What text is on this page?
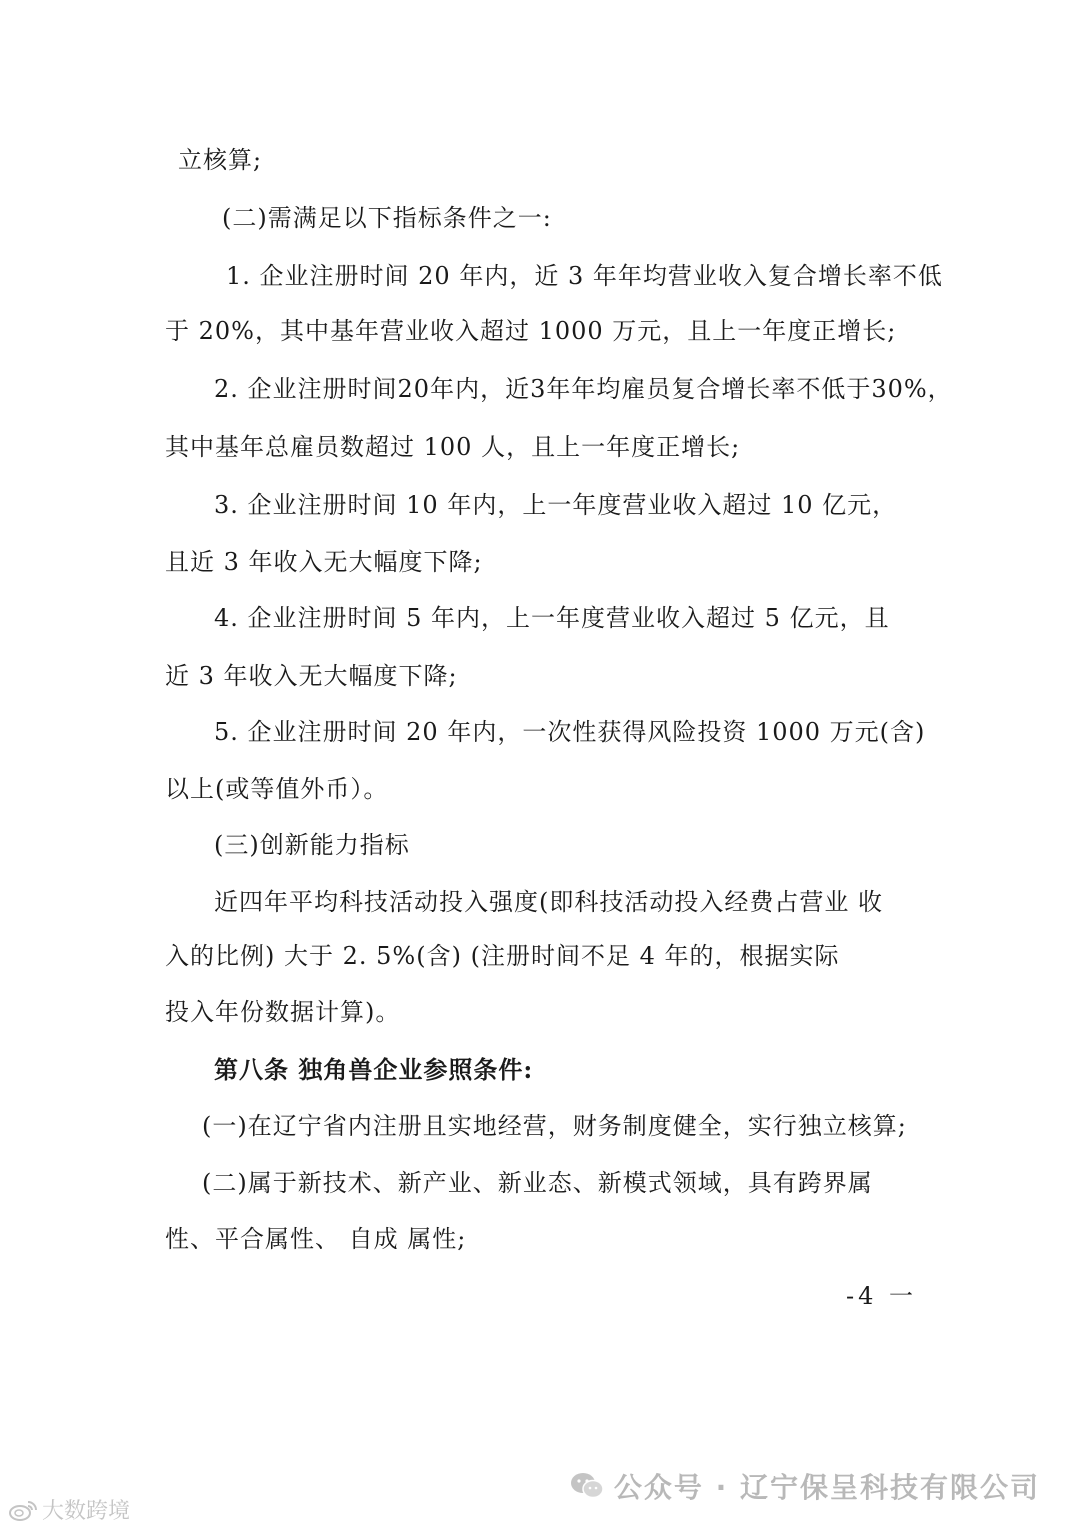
立核算;
(二)需满足以下指标条件之一:
1. 企业注册时间 20 年内，近 3 年年均营业收入复合增长率不低
于 20%，其中基年营业收入超过 1000 万元，且上一年度正增长;
2. 企业注册时间20年内，近3年年均雇员复合增长率不低于30%，
其中基年总雇员数超过 100 人，且上一年度正增长;
3. 企业注册时间 10 年内，上一年度营业收入超过 10 亿元，
且近 3 年收入无大幅度下降;
4. 企业注册时间 5 年内，上一年度营业收入超过 5 亿元，且
近 3 年收入无大幅度下降;
5. 企业注册时间 20 年内，一次性获得风险投资 1000 万元(含)
以上(或等值外币）。
(三)创新能力指标
近四年平均科技活动投入强度(即科技活动投入经费占营业 收
入的比例) 大于 2. 5%(含) (注册时间不足 4 年的，根据实际
投入年份数据计算)。
第八条 独角兽企业参照条件:
(一)在辽宁省内注册且实地经营，财务制度健全，实行独立核算;
(二)属于新技术、新产业、新业态、新模式领域，具有跨界属
性、平合属性、 自成 属性;
-4 一
公众号 · 辽宁保呈科技有限公司
大数跨境
